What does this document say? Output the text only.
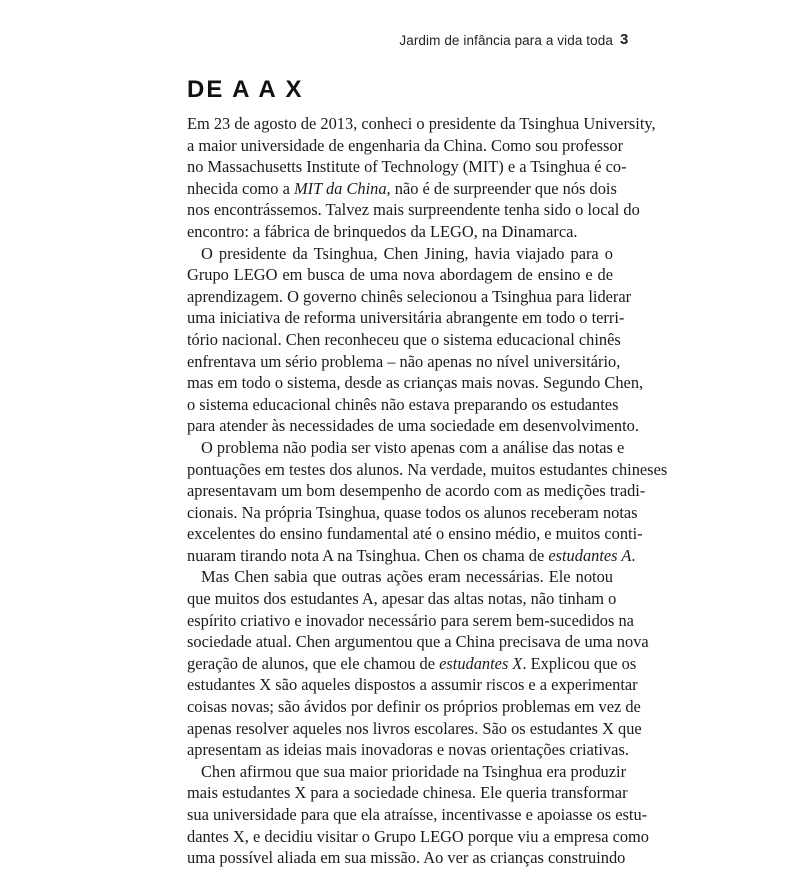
Jardim de infância para a vida toda 3
DE A A X
Em 23 de agosto de 2013, conheci o presidente da Tsinghua University,
a maior universidade de engenharia da China. Como sou professor
no Massachusetts Institute of Technology (MIT) e a Tsinghua é co-
nhecida como a MIT da China, não é de surpreender que nós dois
nos encontrássemos. Talvez mais surpreendente tenha sido o local do
encontro: a fábrica de brinquedos da LEGO, na Dinamarca.
O presidente da Tsinghua, Chen Jining, havia viajado para o
Grupo LEGO em busca de uma nova abordagem de ensino e de
aprendizagem. O governo chinês selecionou a Tsinghua para liderar
uma iniciativa de reforma universitária abrangente em todo o terri-
tório nacional. Chen reconheceu que o sistema educacional chinês
enfrentava um sério problema – não apenas no nível universitário,
mas em todo o sistema, desde as crianças mais novas. Segundo Chen,
o sistema educacional chinês não estava preparando os estudantes
para atender às necessidades de uma sociedade em desenvolvimento.
O problema não podia ser visto apenas com a análise das notas e
pontuações em testes dos alunos. Na verdade, muitos estudantes chineses
apresentavam um bom desempenho de acordo com as medições tradi-
cionais. Na própria Tsinghua, quase todos os alunos receberam notas
excelentes do ensino fundamental até o ensino médio, e muitos conti-
nuaram tirando nota A na Tsinghua. Chen os chama de estudantes A.
Mas Chen sabia que outras ações eram necessárias. Ele notou
que muitos dos estudantes A, apesar das altas notas, não tinham o
espírito criativo e inovador necessário para serem bem-sucedidos na
sociedade atual. Chen argumentou que a China precisava de uma nova
geração de alunos, que ele chamou de estudantes X. Explicou que os
estudantes X são aqueles dispostos a assumir riscos e a experimentar
coisas novas; são ávidos por definir os próprios problemas em vez de
apenas resolver aqueles nos livros escolares. São os estudantes X que
apresentam as ideias mais inovadoras e novas orientações criativas.
Chen afirmou que sua maior prioridade na Tsinghua era produzir
mais estudantes X para a sociedade chinesa. Ele queria transformar
sua universidade para que ela atraísse, incentivasse e apoiasse os estu-
dantes X, e decidiu visitar o Grupo LEGO porque viu a empresa como
uma possível aliada em sua missão. Ao ver as crianças construindo
